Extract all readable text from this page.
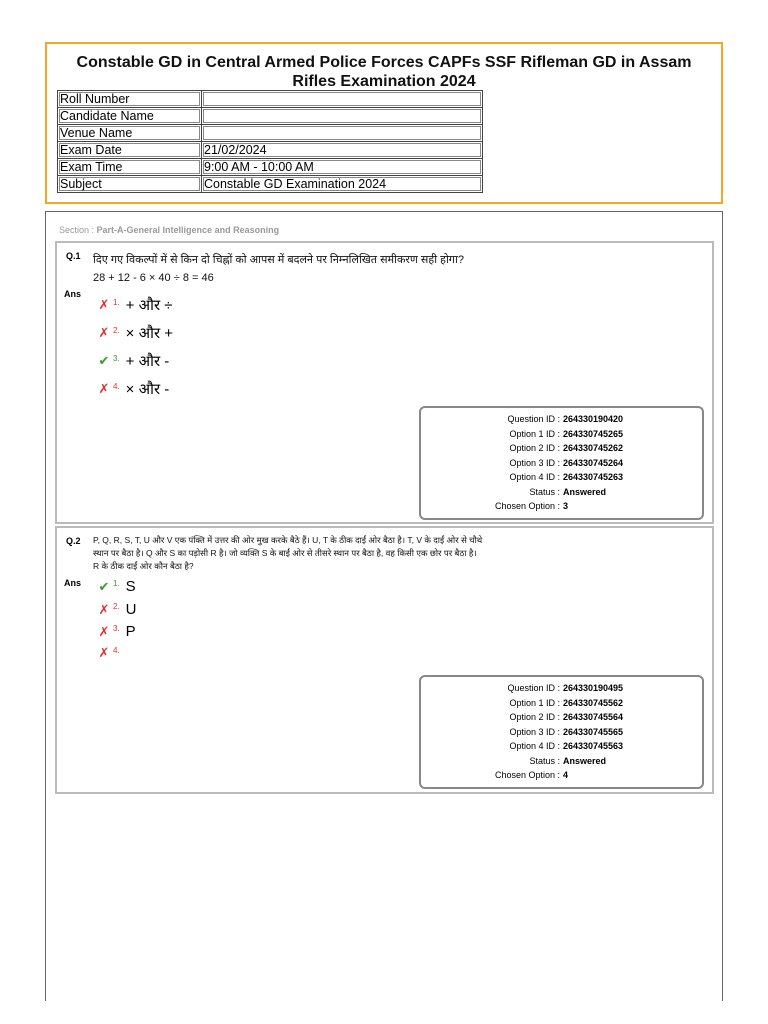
Constable GD in Central Armed Police Forces CAPFs SSF Rifleman GD in Assam
Rifles Examination 2024
Roll Number	
Candidate Name	
Venue Name	
Exam Date	21/02/2024
Exam Time	9:00 AM - 10:00 AM
Subject	Constable GD Examination 2024
Section : Part-A-General Intelligence and Reasoning
Q.1 दिए गए विकल्पों में से किन दो चिह्नों को आपस में बदलने पर निम्नलिखित समीकरण सही होगा?
28 + 12 - 6 × 40 ÷ 8 = 46
Ans
✗ 1. + और ÷
✗ 2. × और +
✔ 3. + और -
✗ 4. × और -
Question ID : 264330190420
Option 1 ID : 264330745265
Option 2 ID : 264330745262
Option 3 ID : 264330745264
Option 4 ID : 264330745263
Status : Answered
Chosen Option : 3
Q.2 P, Q, R, S, T, U और V एक पंक्ति में उत्तर की ओर मुख करके बैठे हैं। U, T के ठीक दाईं ओर बैठा है। T, V के दाईं ओर से चौथे
स्थान पर बैठा है। Q और S का पड़ोसी R है। जो व्यक्ति S के बाईं ओर से तीसरे स्थान पर बैठा है, वह किसी एक छोर पर बैठा है।
R के ठीक दाईं ओर कौन बैठा है?
Ans ✔ 1. S
✗ 2. U
✗ 3. P
✗ 4.
Question ID : 264330190495
Option 1 ID : 264330745562
Option 2 ID : 264330745564
Option 3 ID : 264330745565
Option 4 ID : 264330745563
Status : Answered
Chosen Option : 4
